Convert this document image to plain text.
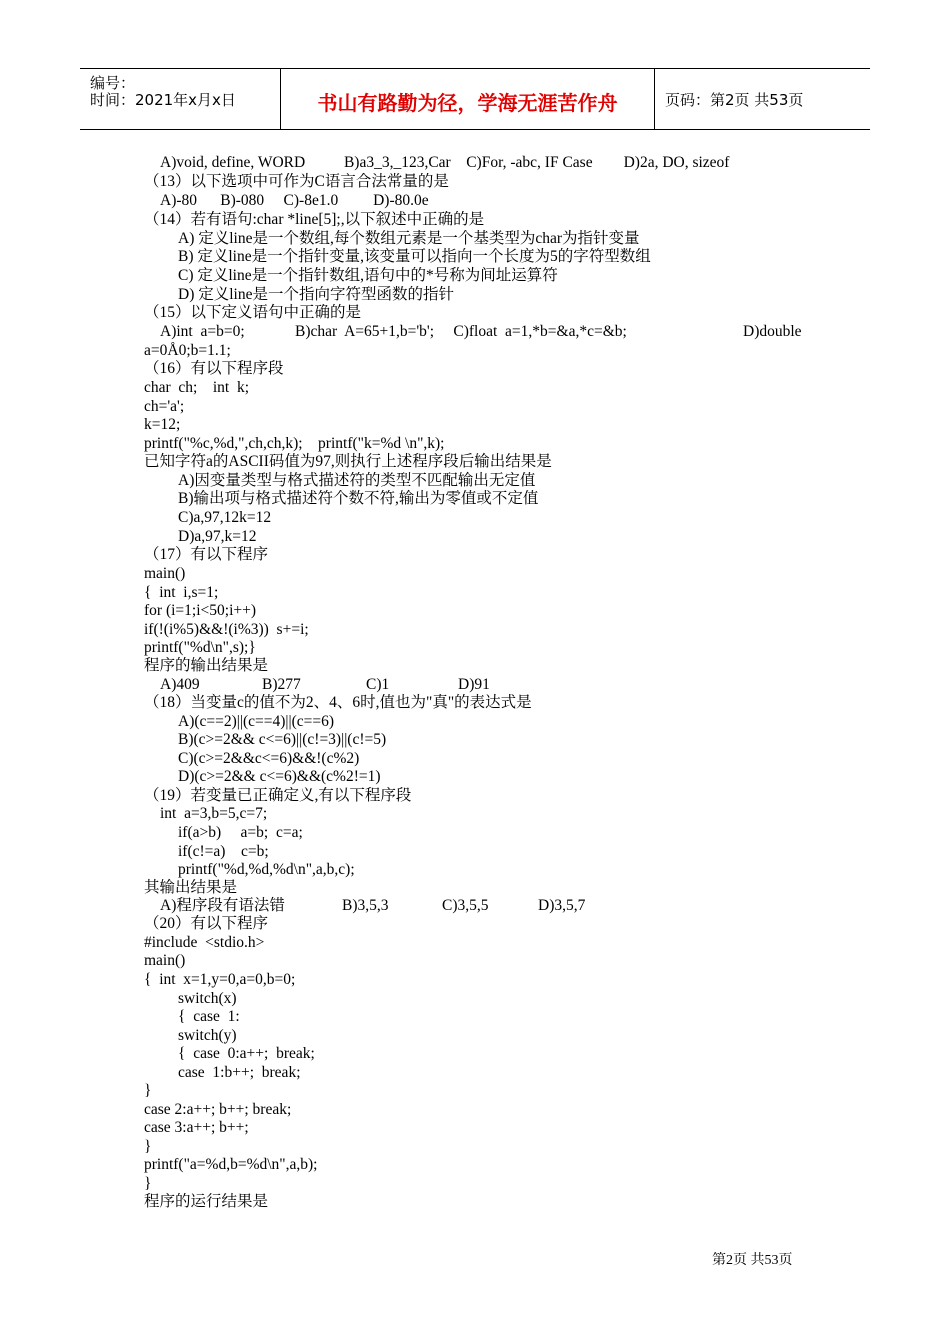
编号：
时间：2021年x月x日	书山有路勤为径，学海无涯苦作舟	页码：第2页 共53页
A)void, define, WORD          B)a3_3,_123,Car    C)For, -abc, IF Case        D)2a, DO, sizeof
（13）以下选项中可作为C语言合法常量的是
A)-80      B)-080     C)-8e1.0         D)-80.0e
（14）若有语句:char *line[5];,以下叙述中正确的是
A) 定义line是一个数组,每个数组元素是一个基类型为char为指针变量
B) 定义line是一个指针变量,该变量可以指向一个长度为5的字符型数组
C) 定义line是一个指针数组,语句中的*号称为间址运算符
D) 定义line是一个指向字符型函数的指针
（15）以下定义语句中正确的是
A)int  a=b=0;             B)char  A=65+1,b='b';     C)float  a=1,*b=&a,*c=&b;	D)double
a=0Å0;b=1.1;
（16）有以下程序段
char  ch;    int  k;
ch='a';
k=12;
printf("%c,%d,",ch,ch,k);    printf("k=%d \n",k);
已知字符a的ASCII码值为97,则执行上述程序段后输出结果是
A)因变量类型与格式描述符的类型不匹配输出无定值
B)输出项与格式描述符个数不符,输出为零值或不定值
C)a,97,12k=12
D)a,97,k=12
（17）有以下程序
main()
{  int  i,s=1;
for (i=1;i<50;i++)
if(!(i%5)&&!(i%3))  s+=i;
printf("%d\n",s);}
程序的输出结果是
A)409	B)277	C)1	D)91
（18）当变量c的值不为2、4、6时,值也为"真"的表达式是
A)(c==2)||(c==4)||(c==6)
B)(c>=2&& c<=6)||(c!=3)||(c!=5)
C)(c>=2&&c<=6)&&!(c%2)
D)(c>=2&& c<=6)&&(c%2!=1)
（19）若变量已正确定义,有以下程序段
int  a=3,b=5,c=7;
if(a>b)     a=b;  c=a;
if(c!=a)    c=b;
printf("%d,%d,%d\n",a,b,c);
其输出结果是
A)程序段有语法错	B)3,5,3	C)3,5,5	D)3,5,7
（20）有以下程序
#include  <stdio.h>
main()
{  int  x=1,y=0,a=0,b=0;
switch(x)
{  case  1:
switch(y)
{  case  0:a++;  break;
case  1:b++;  break;
}
case 2:a++; b++; break;
case 3:a++; b++;
}
printf("a=%d,b=%d\n",a,b);
}
程序的运行结果是
第2页 共53页
